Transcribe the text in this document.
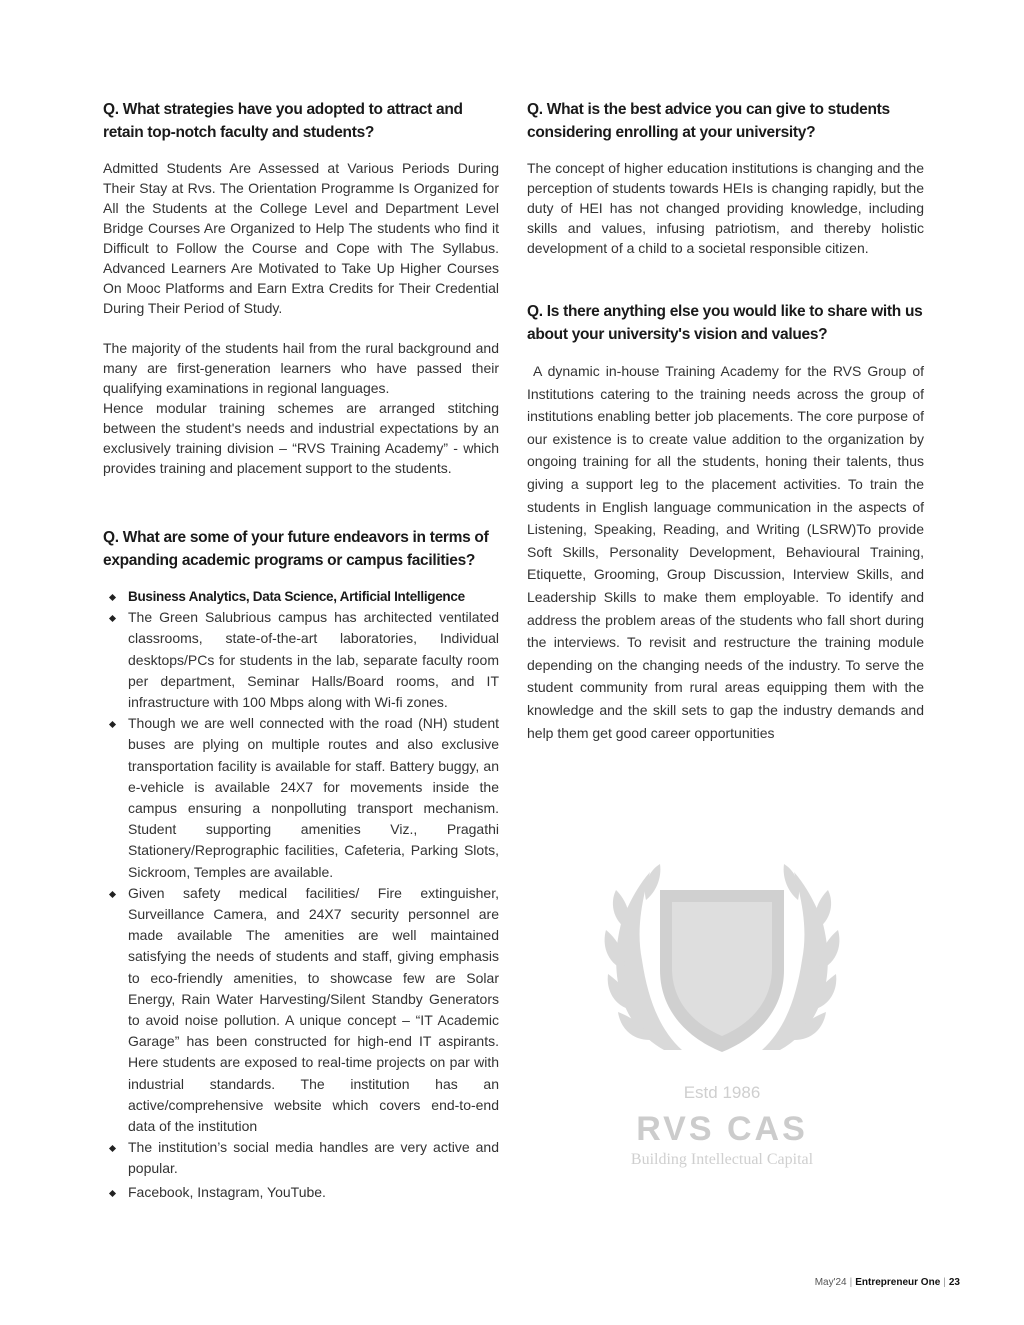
Q. What strategies have you adopted to attract and retain top-notch faculty and students?

Admitted Students Are Assessed at Various Periods During Their Stay at Rvs. The Orientation Programme Is Organized for All the Students at the College Level and Department Level Bridge Courses Are Organized to Help The students who find it Difficult to Follow the Course and Cope with The Syllabus. Advanced Learners Are Motivated to Take Up Higher Courses On Mooc Platforms and Earn Extra Credits for Their Credential During Their Period of Study.

The majority of the students hail from the rural background and many are first-generation learners who have passed their qualifying examinations in regional languages.

Hence modular training schemes are arranged stitching between the student's needs and industrial expectations by an exclusively training division – “RVS Training Academy” - which provides training and placement support to the students.

Q. What are some of your future endeavors in terms of expanding academic programs or campus facilities?
Business Analytics, Data Science, Artificial Intelligence
The Green Salubrious campus has architected ventilated classrooms, state-of-the-art laboratories, Individual desktops/PCs for students in the lab, separate faculty room per department, Seminar Halls/Board rooms, and IT infrastructure with 100 Mbps along with Wi-fi zones.
Though we are well connected with the road (NH) student buses are plying on multiple routes and also exclusive transportation facility is available for staff. Battery buggy, an e-vehicle is available 24X7 for movements inside the campus ensuring a nonpolluting transport mechanism. Student supporting amenities Viz., Pragathi Stationery/Reprographic facilities, Cafeteria, Parking Slots, Sickroom, Temples are available.
Given safety medical facilities/ Fire extinguisher, Surveillance Camera, and 24X7 security personnel are made available The amenities are well maintained satisfying the needs of students and staff, giving emphasis to eco-friendly amenities, to showcase few are Solar Energy, Rain Water Harvesting/Silent Standby Generators to avoid noise pollution. A unique concept – “IT Academic Garage” has been constructed for high-end IT aspirants. Here students are exposed to real-time projects on par with industrial standards. The institution has an active/comprehensive website which covers end-to-end data of the institution
The institution’s social media handles are very active and popular.
Facebook, Instagram, YouTube.
Q. What is the best advice you can give to students considering enrolling at your university?

The concept of higher education institutions is changing and the perception of students towards HEIs is changing rapidly, but the duty of HEI has not changed providing knowledge, including skills and values, infusing patriotism, and thereby holistic development of a child to a societal responsible citizen.

Q. Is there anything else you would like to share with us about your university's vision and values?

A dynamic in-house Training Academy for the RVS Group of Institutions catering to the training needs across the group of institutions enabling better job placements. The core purpose of our existence is to create value addition to the organization by ongoing training for all the students, honing their talents, thus giving a support leg to the placement activities. To train the students in English language communication in the aspects of Listening, Speaking, Reading, and Writing (LSRW)To provide Soft Skills, Personality Development, Behavioural Training, Etiquette, Grooming, Group Discussion, Interview Skills, and Leadership Skills to make them employable. To identify and address the problem areas of the students who fall short during the interviews. To revisit and restructure the training module depending on the changing needs of the industry. To serve the student community from rural areas equipping them with the knowledge and the skill sets to gap the industry demands and help them get good career opportunities

Estd 1986
RVS CAS
Building Intellectual Capital
May'24 | Entrepreneur One | 23
